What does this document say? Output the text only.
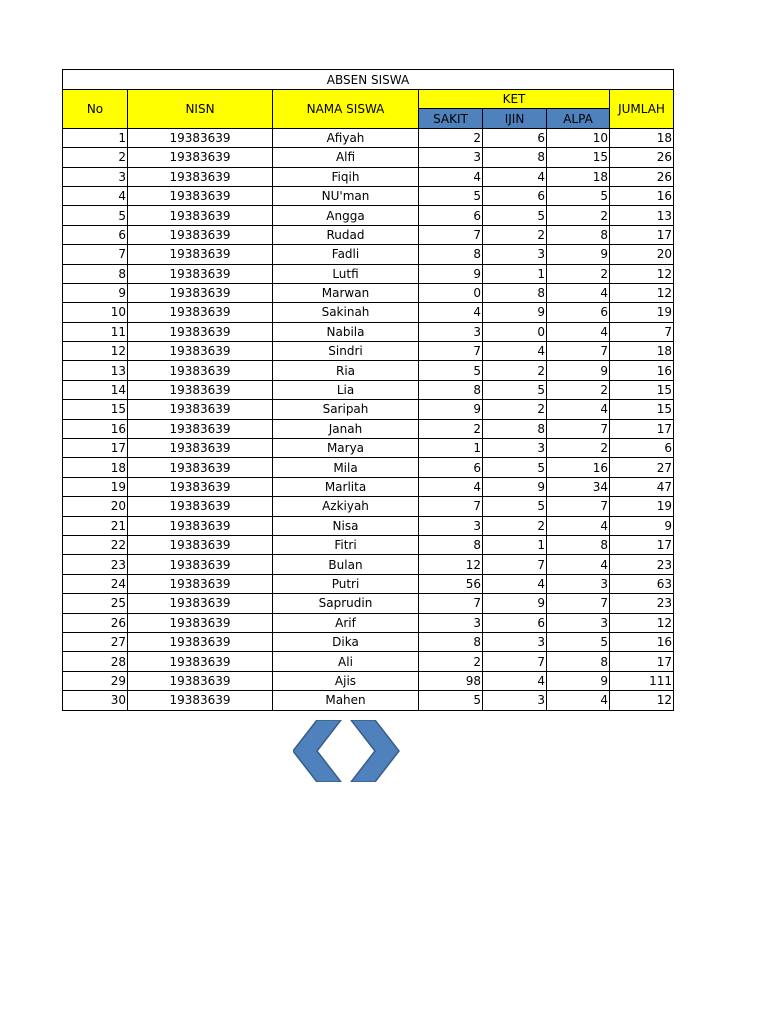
ABSEN SISWA						
No	NISN	NAMA SISWA	KET			JUMLAH
			SAKIT	IJIN	ALPA	
1	19383639	Afiyah	2	6	10	18
2	19383639	Alfi	3	8	15	26
3	19383639	Fiqih	4	4	18	26
4	19383639	NU'man	5	6	5	16
5	19383639	Angga	6	5	2	13
6	19383639	Rudad	7	2	8	17
7	19383639	Fadli	8	3	9	20
8	19383639	Lutfi	9	1	2	12
9	19383639	Marwan	0	8	4	12
10	19383639	Sakinah	4	9	6	19
11	19383639	Nabila	3	0	4	7
12	19383639	Sindri	7	4	7	18
13	19383639	Ria	5	2	9	16
14	19383639	Lia	8	5	2	15
15	19383639	Saripah	9	2	4	15
16	19383639	Janah	2	8	7	17
17	19383639	Marya	1	3	2	6
18	19383639	Mila	6	5	16	27
19	19383639	Marlita	4	9	34	47
20	19383639	Azkiyah	7	5	7	19
21	19383639	Nisa	3	2	4	9
22	19383639	Fitri	8	1	8	17
23	19383639	Bulan	12	7	4	23
24	19383639	Putri	56	4	3	63
25	19383639	Saprudin	7	9	7	23
26	19383639	Arif	3	6	3	12
27	19383639	Dika	8	3	5	16
28	19383639	Ali	2	7	8	17
29	19383639	Ajis	98	4	9	111
30	19383639	Mahen	5	3	4	12
